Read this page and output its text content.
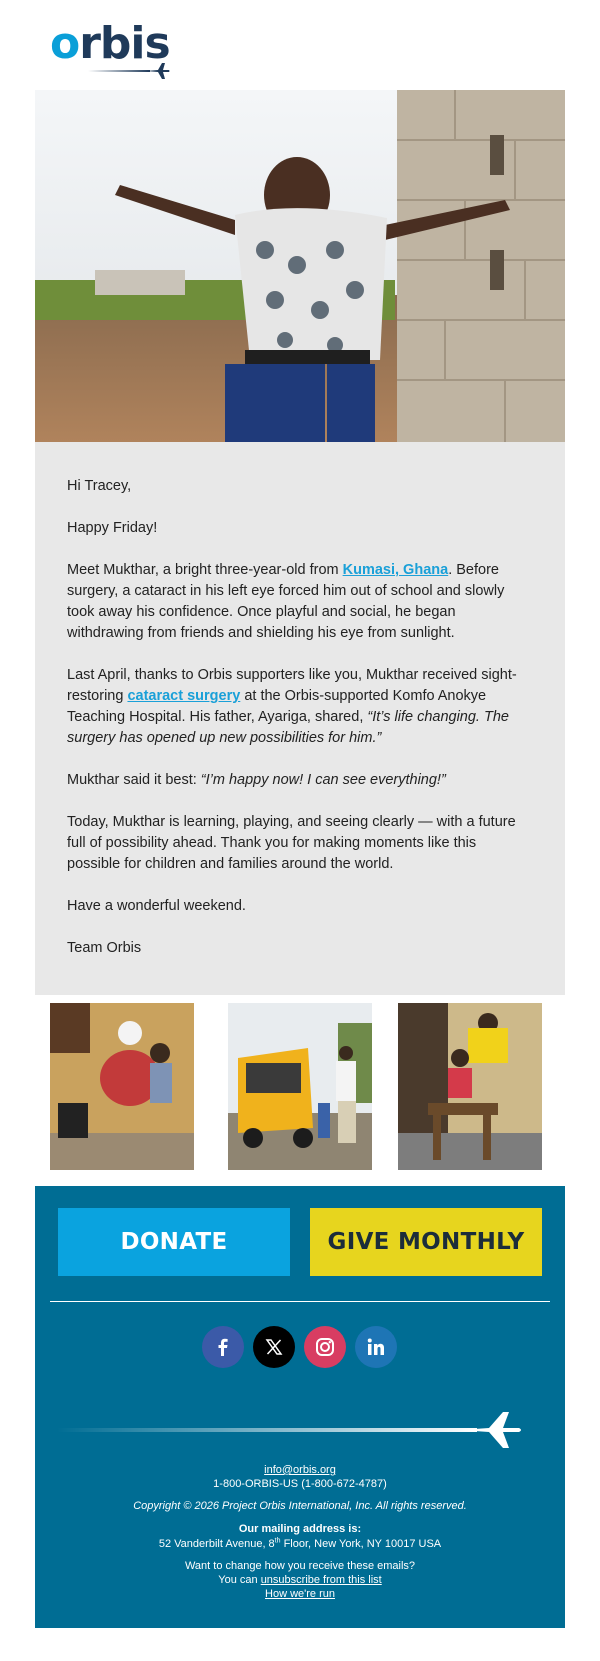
orbis

Hi Tracey,

Happy Friday!

Meet Mukthar, a bright three-year-old from Kumasi, Ghana. Before surgery, a cataract in his left eye forced him out of school and slowly took away his confidence. Once playful and social, he began withdrawing from friends and shielding his eye from sunlight.

Last April, thanks to Orbis supporters like you, Mukthar received sight-restoring cataract surgery at the Orbis-supported Komfo Anokye Teaching Hospital. His father, Ayariga, shared, “It’s life changing. The surgery has opened up new possibilities for him.”

Mukthar said it best: “I’m happy now! I can see everything!”

Today, Mukthar is learning, playing, and seeing clearly — with a future full of possibility ahead. Thank you for making moments like this possible for children and families around the world.

Have a wonderful weekend.

Team Orbis

DONATE	GIVE MONTHLY
info@orbis.org
1-800-ORBIS-US (1-800-672-4787)
Copyright © 2026 Project Orbis International, Inc. All rights reserved.
Our mailing address is:
52 Vanderbilt Avenue, 8th Floor, New York, NY 10017 USA
Want to change how you receive these emails?
You can unsubscribe from this list
How we're run
